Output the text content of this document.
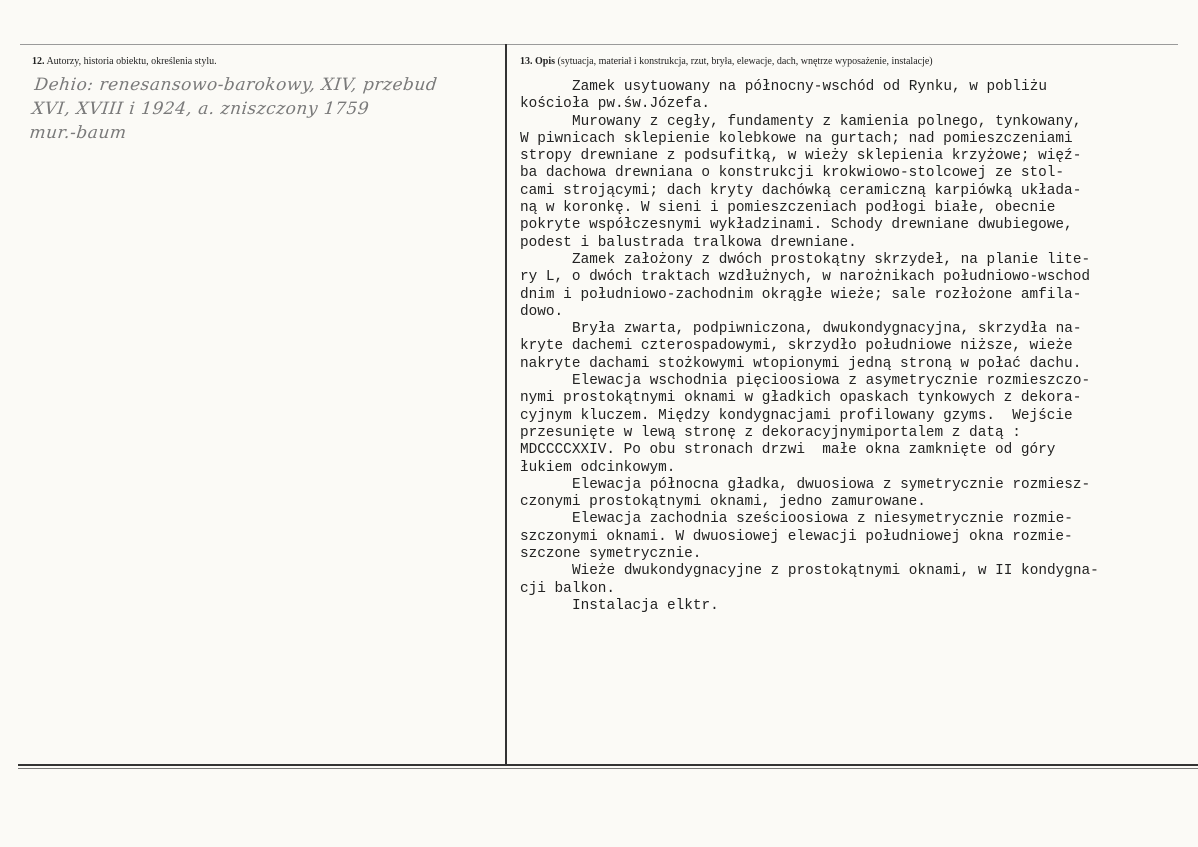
12. Autorzy, historia obiektu, określenia stylu.
Dehio: renesansowo-barokowy, XIV, przebud
XVI, XVIII i 1924, a. zniszczony 1759
mur.-baum
13. Opis (sytuacja, materiał i konstrukcja, rzut, bryła, elewacje, dach, wnętrze wyposażenie, instalacje)
Zamek usytuowany na północny-wschód od Rynku, w pobliżu
kościoła pw.św.Józefa.
Murowany z cegły, fundamenty z kamienia polnego, tynkowany,
W piwnicach sklepienie kolebkowe na gurtach; nad pomieszczeniami
stropy drewniane z podsufitką, w wieży sklepienia krzyżowe; więź-
ba dachowa drewniana o konstrukcji krokwiowo-stolcowej ze stol-
cami strojącymi; dach kryty dachówką ceramiczną karpiówką układa-
ną w koronkę. W sieni i pomieszczeniach podłogi białe, obecnie
pokryte współczesnymi wykładzinami. Schody drewniane dwubiegowe,
podest i balustrada tralkowa drewniane.
Zamek założony z dwóch prostokątny skrzydeł, na planie lite-
ry L, o dwóch traktach wzdłużnych, w narożnikach południowo-wschod
dnim i południowo-zachodnim okrągłe wieże; sale rozłożone amfila-
dowo.
Bryła zwarta, podpiwniczona, dwukondygnacyjna, skrzydła na-
kryte dachemi czterospadowymi, skrzydło południowe niższe, wieże
nakryte dachami stożkowymi wtopionymi jedną stroną w połać dachu.
Elewacja wschodnia pięcioosiowa z asymetrycznie rozmieszczo-
nymi prostokątnymi oknami w gładkich opaskach tynkowych z dekora-
cyjnym kluczem. Między kondygnacjami profilowany gzyms.  Wejście
przesunięte w lewą stronę z dekoracyjnymiportalem z datą :
MDCCCCXXIV. Po obu stronach drzwi  małe okna zamknięte od góry
łukiem odcinkowym.
Elewacja północna gładka, dwuosiowa z symetrycznie rozmiesz-
czonymi prostokątnymi oknami, jedno zamurowane.
Elewacja zachodnia sześcioosiowa z niesymetrycznie rozmie-
szczonymi oknami. W dwuosiowej elewacji południowej okna rozmie-
szczone symetrycznie.
Wieże dwukondygnacyjne z prostokątnymi oknami, w II kondygna-
cji balkon.
Instalacja elktr.
